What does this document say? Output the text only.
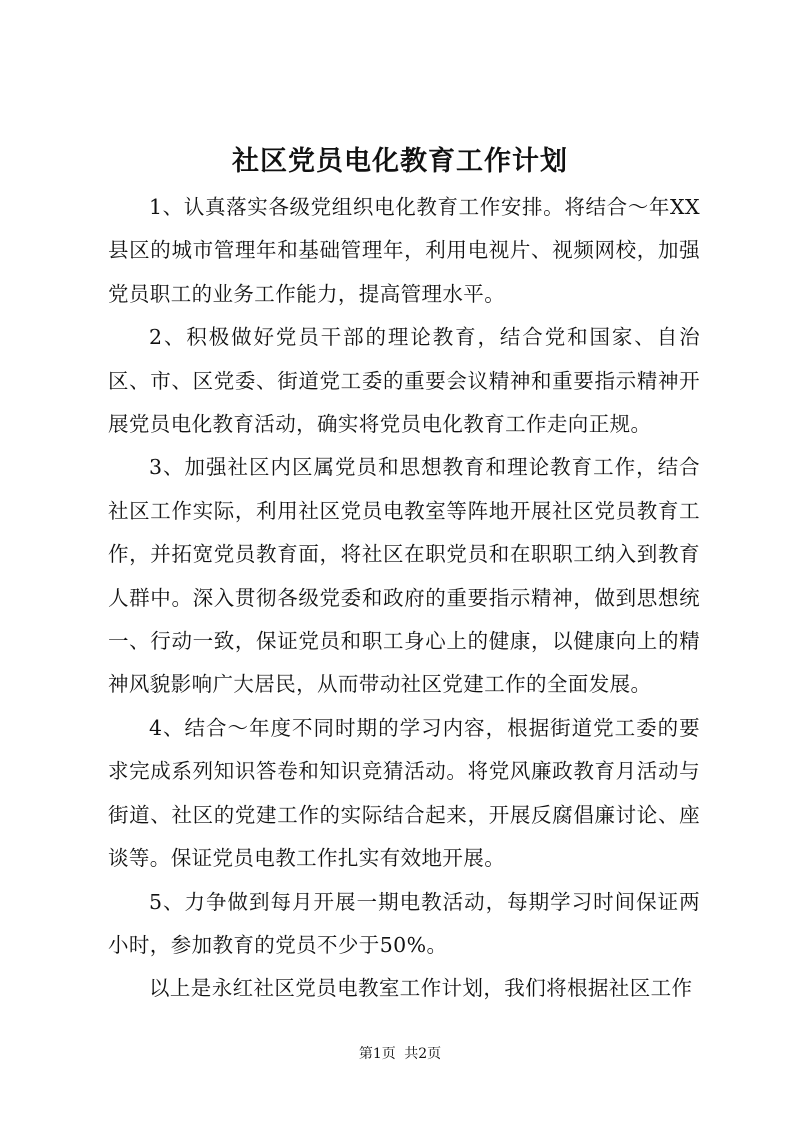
社区党员电化教育工作计划

1、认真落实各级党组织电化教育工作安排。将结合～年XX县区的城市管理年和基础管理年，利用电视片、视频网校，加强党员职工的业务工作能力，提高管理水平。

2、积极做好党员干部的理论教育，结合党和国家、自治区、市、区党委、街道党工委的重要会议精神和重要指示精神开展党员电化教育活动，确实将党员电化教育工作走向正规。

3、加强社区内区属党员和思想教育和理论教育工作，结合社区工作实际，利用社区党员电教室等阵地开展社区党员教育工作，并拓宽党员教育面，将社区在职党员和在职职工纳入到教育人群中。深入贯彻各级党委和政府的重要指示精神，做到思想统一、行动一致，保证党员和职工身心上的健康，以健康向上的精神风貌影响广大居民，从而带动社区党建工作的全面发展。

4、结合～年度不同时期的学习内容，根据街道党工委的要求完成系列知识答卷和知识竞猜活动。将党风廉政教育月活动与街道、社区的党建工作的实际结合起来，开展反腐倡廉讨论、座谈等。保证党员电教工作扎实有效地开展。

5、力争做到每月开展一期电教活动，每期学习时间保证两小时，参加教育的党员不少于50%。

以上是永红社区党员电教室工作计划，我们将根据社区工作

第1页 共2页
